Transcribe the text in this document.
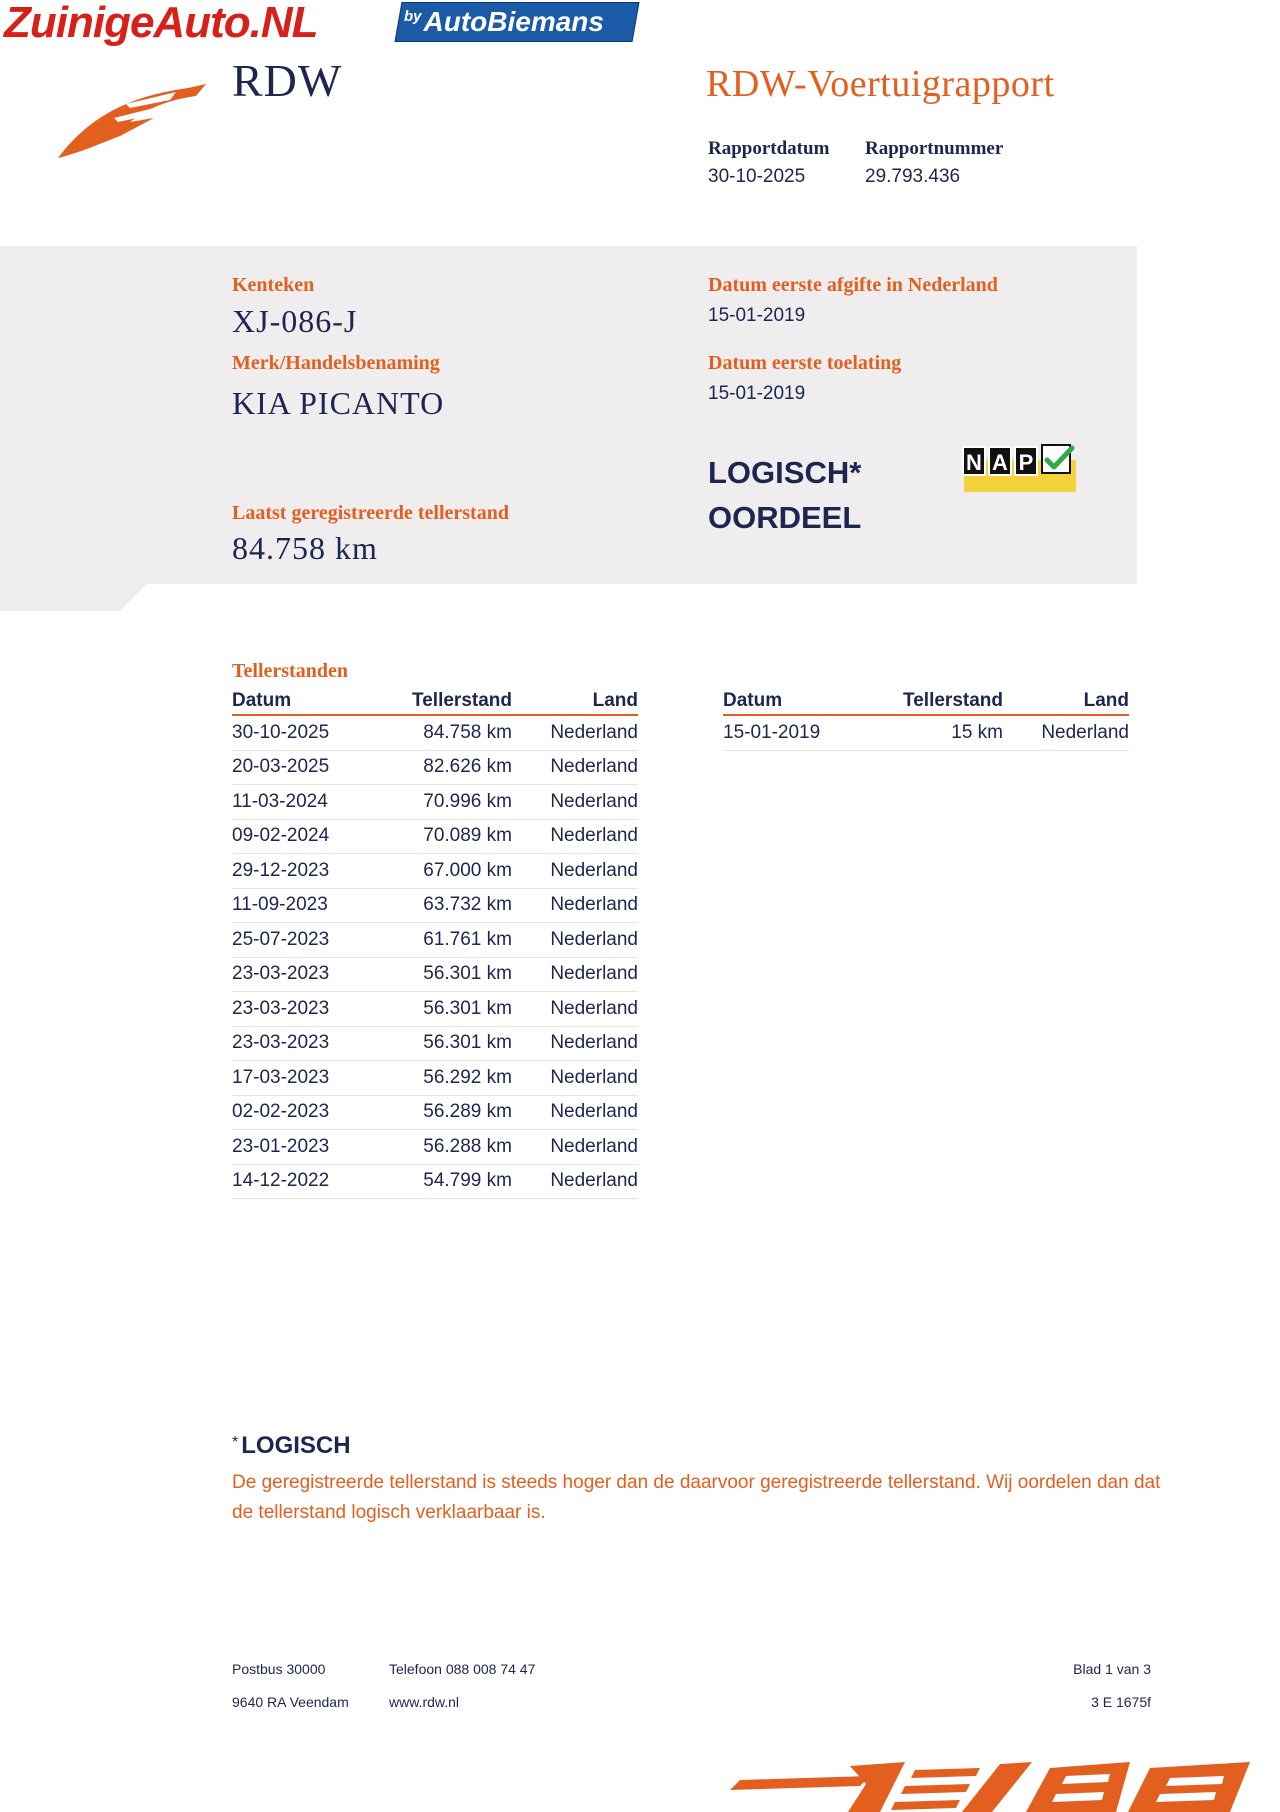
ZuinigeAuto.NL	$^{by}$ AutoBiemans
RDW	RDW-Voertuigrapport
Rapportdatum
30-10-2025
Rapportnummer
29.793.436
Kenteken
XJ-086-J
Merk/Handelsbenaming
KIA PICANTO
Datum eerste afgifte in Nederland
15-01-2019
Datum eerste toelating
15-01-2019
Laatst geregistreerde tellerstand
84.758 km
LOGISCH*
OORDEEL
N A P
Tellerstanden
Datum	Tellerstand	Land
30-10-2025	84.758 km	Nederland
20-03-2025	82.626 km	Nederland
11-03-2024	70.996 km	Nederland
09-02-2024	70.089 km	Nederland
29-12-2023	67.000 km	Nederland
11-09-2023	63.732 km	Nederland
25-07-2023	61.761 km	Nederland
23-03-2023	56.301 km	Nederland
23-03-2023	56.301 km	Nederland
23-03-2023	56.301 km	Nederland
17-03-2023	56.292 km	Nederland
02-02-2023	56.289 km	Nederland
23-01-2023	56.288 km	Nederland
14-12-2022	54.799 km	Nederland
Datum	Tellerstand	Land
15-01-2019	15 km	Nederland
* LOGISCH
De geregistreerde tellerstand is steeds hoger dan de daarvoor geregistreerde tellerstand. Wij oordelen dan dat de tellerstand logisch verklaarbaar is.
Postbus 30000
9640 RA Veendam
Telefoon 088 008 74 47
www.rdw.nl
Blad 1 van 3
3 E 1675f
